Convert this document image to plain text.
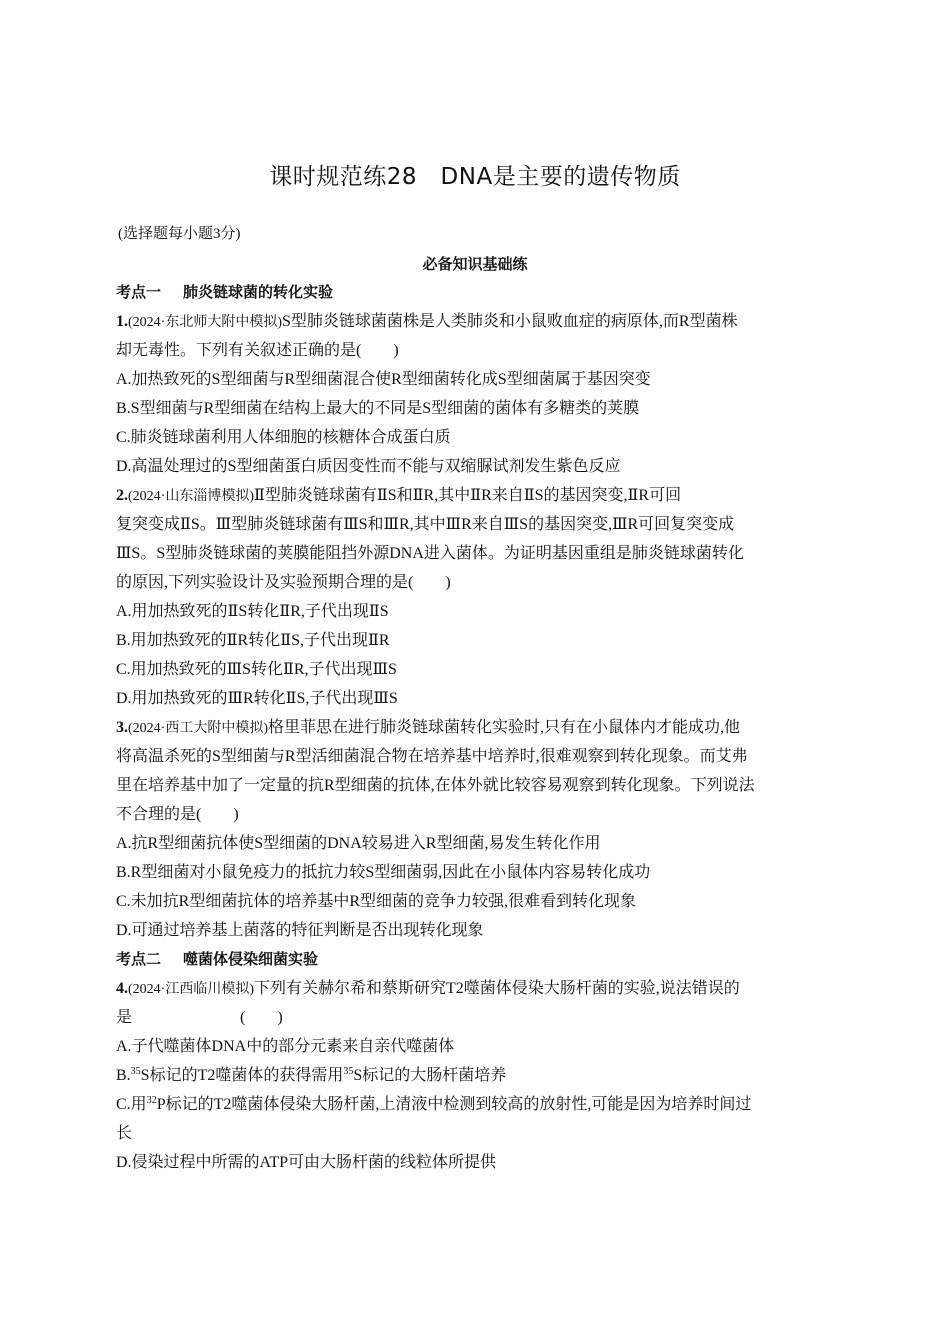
课时规范练28　DNA是主要的遗传物质
(选择题每小题3分)
必备知识基础练
考点一 肺炎链球菌的转化实验
1.(2024·东北师大附中模拟)S型肺炎链球菌菌株是人类肺炎和小鼠败血症的病原体,而R型菌株
却无毒性。下列有关叙述正确的是(　　)
A.加热致死的S型细菌与R型细菌混合使R型细菌转化成S型细菌属于基因突变
B.S型细菌与R型细菌在结构上最大的不同是S型细菌的菌体有多糖类的荚膜
C.肺炎链球菌利用人体细胞的核糖体合成蛋白质
D.高温处理过的S型细菌蛋白质因变性而不能与双缩脲试剂发生紫色反应
2.(2024·山东淄博模拟)Ⅱ型肺炎链球菌有ⅡS和ⅡR,其中ⅡR来自ⅡS的基因突变,ⅡR可回
复突变成ⅡS。Ⅲ型肺炎链球菌有ⅢS和ⅢR,其中ⅢR来自ⅢS的基因突变,ⅢR可回复突变成
ⅢS。S型肺炎链球菌的荚膜能阻挡外源DNA进入菌体。为证明基因重组是肺炎链球菌转化
的原因,下列实验设计及实验预期合理的是(　　)
A.用加热致死的ⅡS转化ⅡR,子代出现ⅡS
B.用加热致死的ⅡR转化ⅡS,子代出现ⅡR
C.用加热致死的ⅢS转化ⅡR,子代出现ⅢS
D.用加热致死的ⅢR转化ⅡS,子代出现ⅢS
3.(2024·西工大附中模拟)格里菲思在进行肺炎链球菌转化实验时,只有在小鼠体内才能成功,他
将高温杀死的S型细菌与R型活细菌混合物在培养基中培养时,很难观察到转化现象。而艾弗
里在培养基中加了一定量的抗R型细菌的抗体,在体外就比较容易观察到转化现象。下列说法
不合理的是(　　)
A.抗R型细菌抗体使S型细菌的DNA较易进入R型细菌,易发生转化作用
B.R型细菌对小鼠免疫力的抵抗力较S型细菌弱,因此在小鼠体内容易转化成功
C.未加抗R型细菌抗体的培养基中R型细菌的竞争力较强,很难看到转化现象
D.可通过培养基上菌落的特征判断是否出现转化现象
考点二 噬菌体侵染细菌实验
4.(2024·江西临川模拟)下列有关赫尔希和蔡斯研究T2噬菌体侵染大肠杆菌的实验,说法错误的
是	(　　)
A.子代噬菌体DNA中的部分元素来自亲代噬菌体
B.$^{35}$S标记的T2噬菌体的获得需用$^{35}$S标记的大肠杆菌培养
C.用$^{32}$P标记的T2噬菌体侵染大肠杆菌,上清液中检测到较高的放射性,可能是因为培养时间过
长
D.侵染过程中所需的ATP可由大肠杆菌的线粒体所提供
